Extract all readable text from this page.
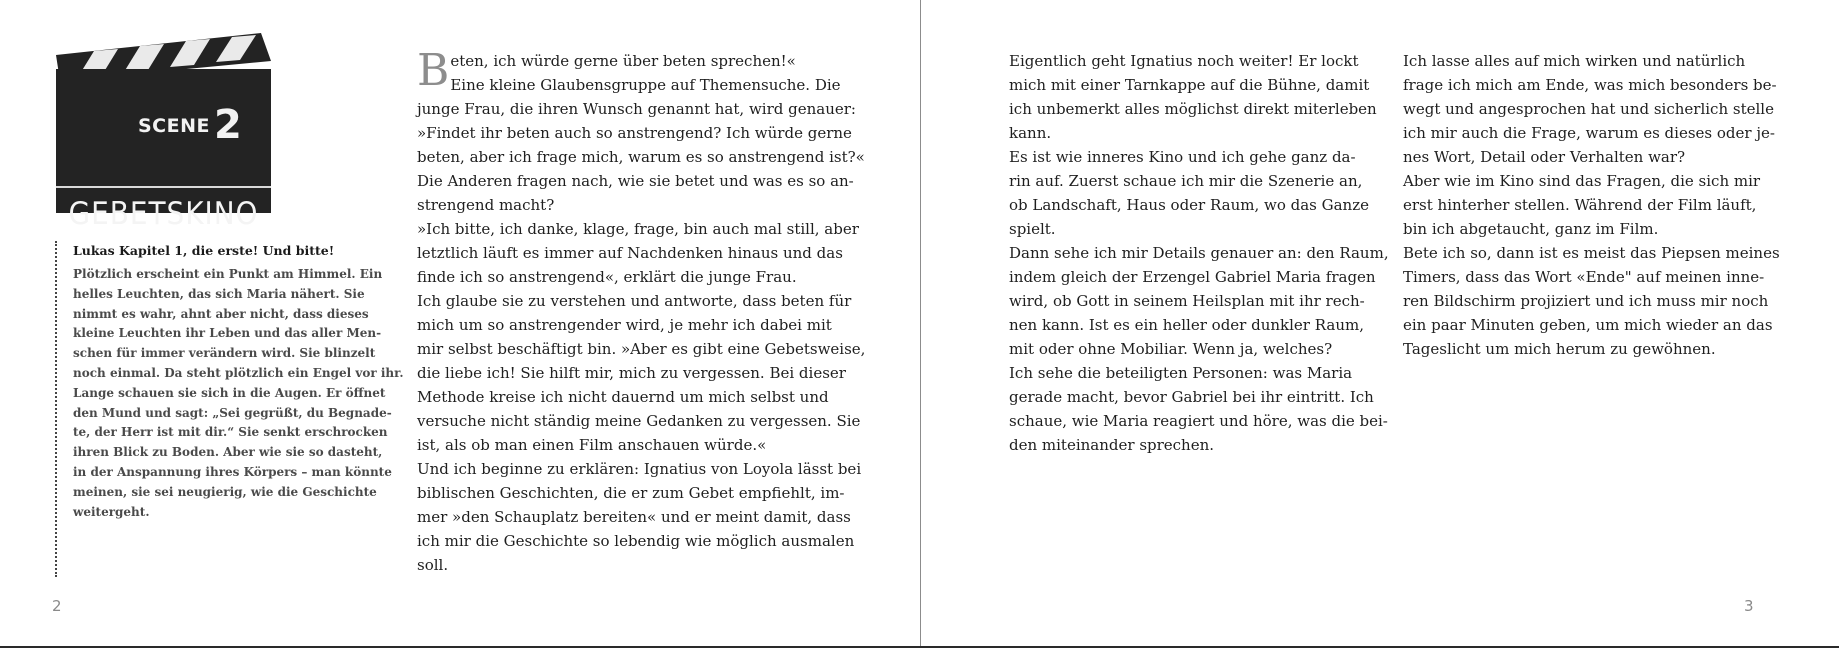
SCENE 2
GEBETSKINO
Lukas Kapitel 1, die erste! Und bitte!
Plötzlich erscheint ein Punkt am Himmel. Ein
helles Leuchten, das sich Maria nähert. Sie
nimmt es wahr, ahnt aber nicht, dass dieses
kleine Leuchten ihr Leben und das aller Men-
schen für immer verändern wird. Sie blinzelt
noch einmal. Da steht plötzlich ein Engel vor ihr.
Lange schauen sie sich in die Augen. Er öffnet
den Mund und sagt: „Sei gegrüßt, du Begnade-
te, der Herr ist mit dir.“ Sie senkt erschrocken
ihren Blick zu Boden. Aber wie sie so dasteht,
in der Anspannung ihres Körpers – man könnte
meinen, sie sei neugierig, wie die Geschichte
weitergeht.
B eten, ich würde gerne über beten sprechen!«
Eine kleine Glaubensgruppe auf Themensuche. Die
junge Frau, die ihren Wunsch genannt hat, wird genauer:
»Findet ihr beten auch so anstrengend? Ich würde gerne
beten, aber ich frage mich, warum es so anstrengend ist?«
Die Anderen fragen nach, wie sie betet und was es so an-
strengend macht?
»Ich bitte, ich danke, klage, frage, bin auch mal still, aber
letztlich läuft es immer auf Nachdenken hinaus und das
finde ich so anstrengend«, erklärt die junge Frau.
Ich glaube sie zu verstehen und antworte, dass beten für
mich um so anstrengender wird, je mehr ich dabei mit
mir selbst beschäftigt bin. »Aber es gibt eine Gebetsweise,
die liebe ich! Sie hilft mir, mich zu vergessen. Bei dieser
Methode kreise ich nicht dauernd um mich selbst und
versuche nicht ständig meine Gedanken zu vergessen. Sie
ist, als ob man einen Film anschauen würde.«
Und ich beginne zu erklären: Ignatius von Loyola lässt bei
biblischen Geschichten, die er zum Gebet empfiehlt, im-
mer »den Schauplatz bereiten« und er meint damit, dass
ich mir die Geschichte so lebendig wie möglich ausmalen
soll.
Eigentlich geht Ignatius noch weiter! Er lockt
mich mit einer Tarnkappe auf die Bühne, damit
ich unbemerkt alles möglichst direkt miterleben
kann.
Es ist wie inneres Kino und ich gehe ganz da-
rin auf. Zuerst schaue ich mir die Szenerie an,
ob Landschaft, Haus oder Raum, wo das Ganze
spielt.
Dann sehe ich mir Details genauer an: den Raum,
indem gleich der Erzengel Gabriel Maria fragen
wird, ob Gott in seinem Heilsplan mit ihr rech-
nen kann. Ist es ein heller oder dunkler Raum,
mit oder ohne Mobiliar. Wenn ja, welches?
Ich sehe die beteiligten Personen: was Maria
gerade macht, bevor Gabriel bei ihr eintritt. Ich
schaue, wie Maria reagiert und höre, was die bei-
den miteinander sprechen.
Ich lasse alles auf mich wirken und natürlich
frage ich mich am Ende, was mich besonders be-
wegt und angesprochen hat und sicherlich stelle
ich mir auch die Frage, warum es dieses oder je-
nes Wort, Detail oder Verhalten war?
Aber wie im Kino sind das Fragen, die sich mir
erst hinterher stellen. Während der Film läuft,
bin ich abgetaucht, ganz im Film.
Bete ich so, dann ist es meist das Piepsen meines
Timers, dass das Wort «Ende" auf meinen inne-
ren Bildschirm projiziert und ich muss mir noch
ein paar Minuten geben, um mich wieder an das
Tageslicht um mich herum zu gewöhnen.
2	3
